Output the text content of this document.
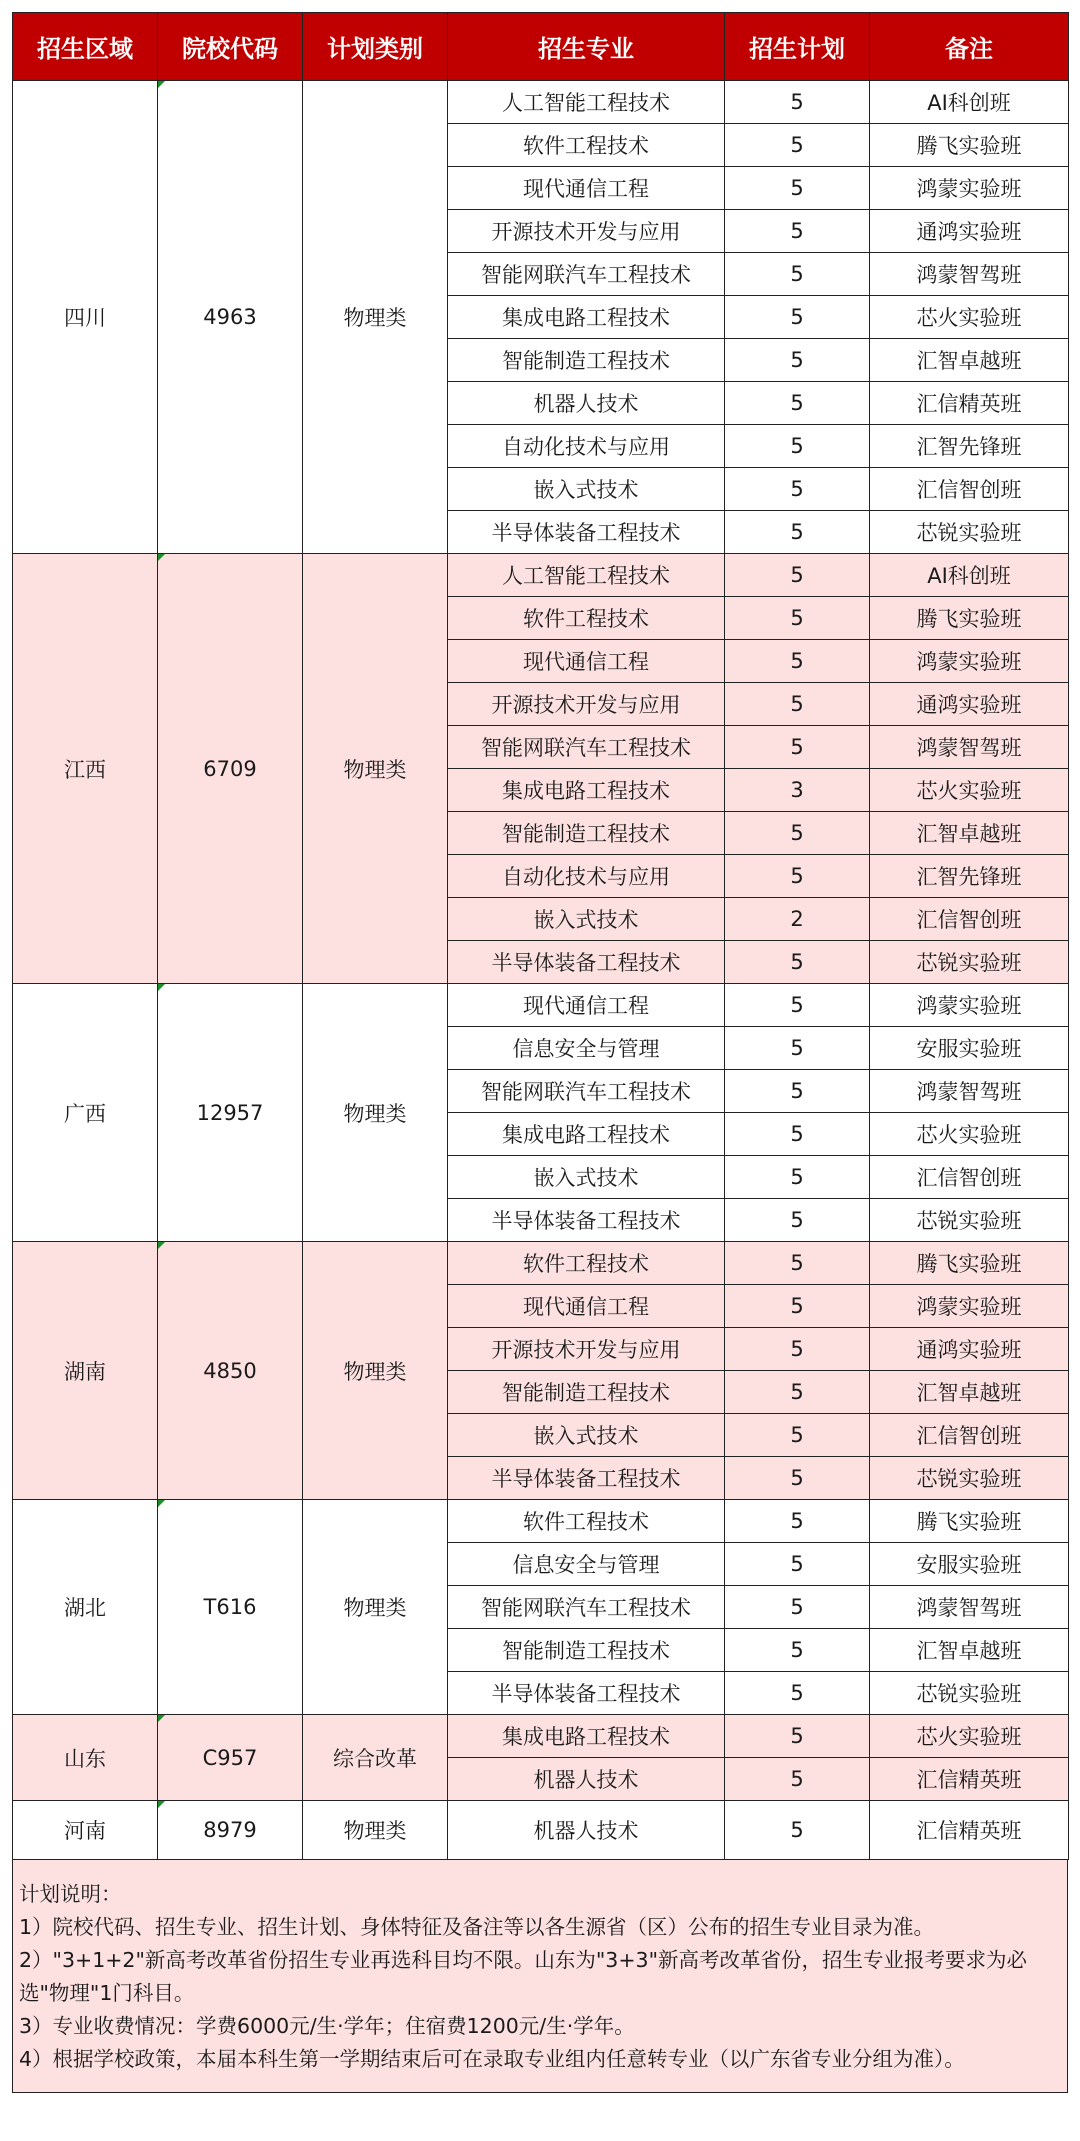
招生区域	院校代码	计划类别	招生专业	招生计划	备注
四川	4963	物理类	人工智能工程技术	5	AI科创班
			软件工程技术	5	腾飞实验班
			现代通信工程	5	鸿蒙实验班
			开源技术开发与应用	5	通鸿实验班
			智能网联汽车工程技术	5	鸿蒙智驾班
			集成电路工程技术	5	芯火实验班
			智能制造工程技术	5	汇智卓越班
			机器人技术	5	汇信精英班
			自动化技术与应用	5	汇智先锋班
			嵌入式技术	5	汇信智创班
			半导体装备工程技术	5	芯锐实验班
江西	6709	物理类	人工智能工程技术	5	AI科创班
			软件工程技术	5	腾飞实验班
			现代通信工程	5	鸿蒙实验班
			开源技术开发与应用	5	通鸿实验班
			智能网联汽车工程技术	5	鸿蒙智驾班
			集成电路工程技术	3	芯火实验班
			智能制造工程技术	5	汇智卓越班
			自动化技术与应用	5	汇智先锋班
			嵌入式技术	2	汇信智创班
			半导体装备工程技术	5	芯锐实验班
广西	12957	物理类	现代通信工程	5	鸿蒙实验班
			信息安全与管理	5	安服实验班
			智能网联汽车工程技术	5	鸿蒙智驾班
			集成电路工程技术	5	芯火实验班
			嵌入式技术	5	汇信智创班
			半导体装备工程技术	5	芯锐实验班
湖南	4850	物理类	软件工程技术	5	腾飞实验班
			现代通信工程	5	鸿蒙实验班
			开源技术开发与应用	5	通鸿实验班
			智能制造工程技术	5	汇智卓越班
			嵌入式技术	5	汇信智创班
			半导体装备工程技术	5	芯锐实验班
湖北	T616	物理类	软件工程技术	5	腾飞实验班
			信息安全与管理	5	安服实验班
			智能网联汽车工程技术	5	鸿蒙智驾班
			智能制造工程技术	5	汇智卓越班
			半导体装备工程技术	5	芯锐实验班
山东	C957	综合改革	集成电路工程技术	5	芯火实验班
			机器人技术	5	汇信精英班
河南	8979	物理类	机器人技术	5	汇信精英班

计划说明：

1）院校代码、招生专业、招生计划、身体特征及备注等以各生源省（区）公布的招生专业目录为准。

2）"3+1+2"新高考改革省份招生专业再选科目均不限。山东为"3+3"新高考改革省份，招生专业报考要求为必选"物理"1门科目。

3）专业收费情况：学费6000元/生·学年；住宿费1200元/生·学年。

4）根据学校政策，本届本科生第一学期结束后可在录取专业组内任意转专业（以广东省专业分组为准）。
